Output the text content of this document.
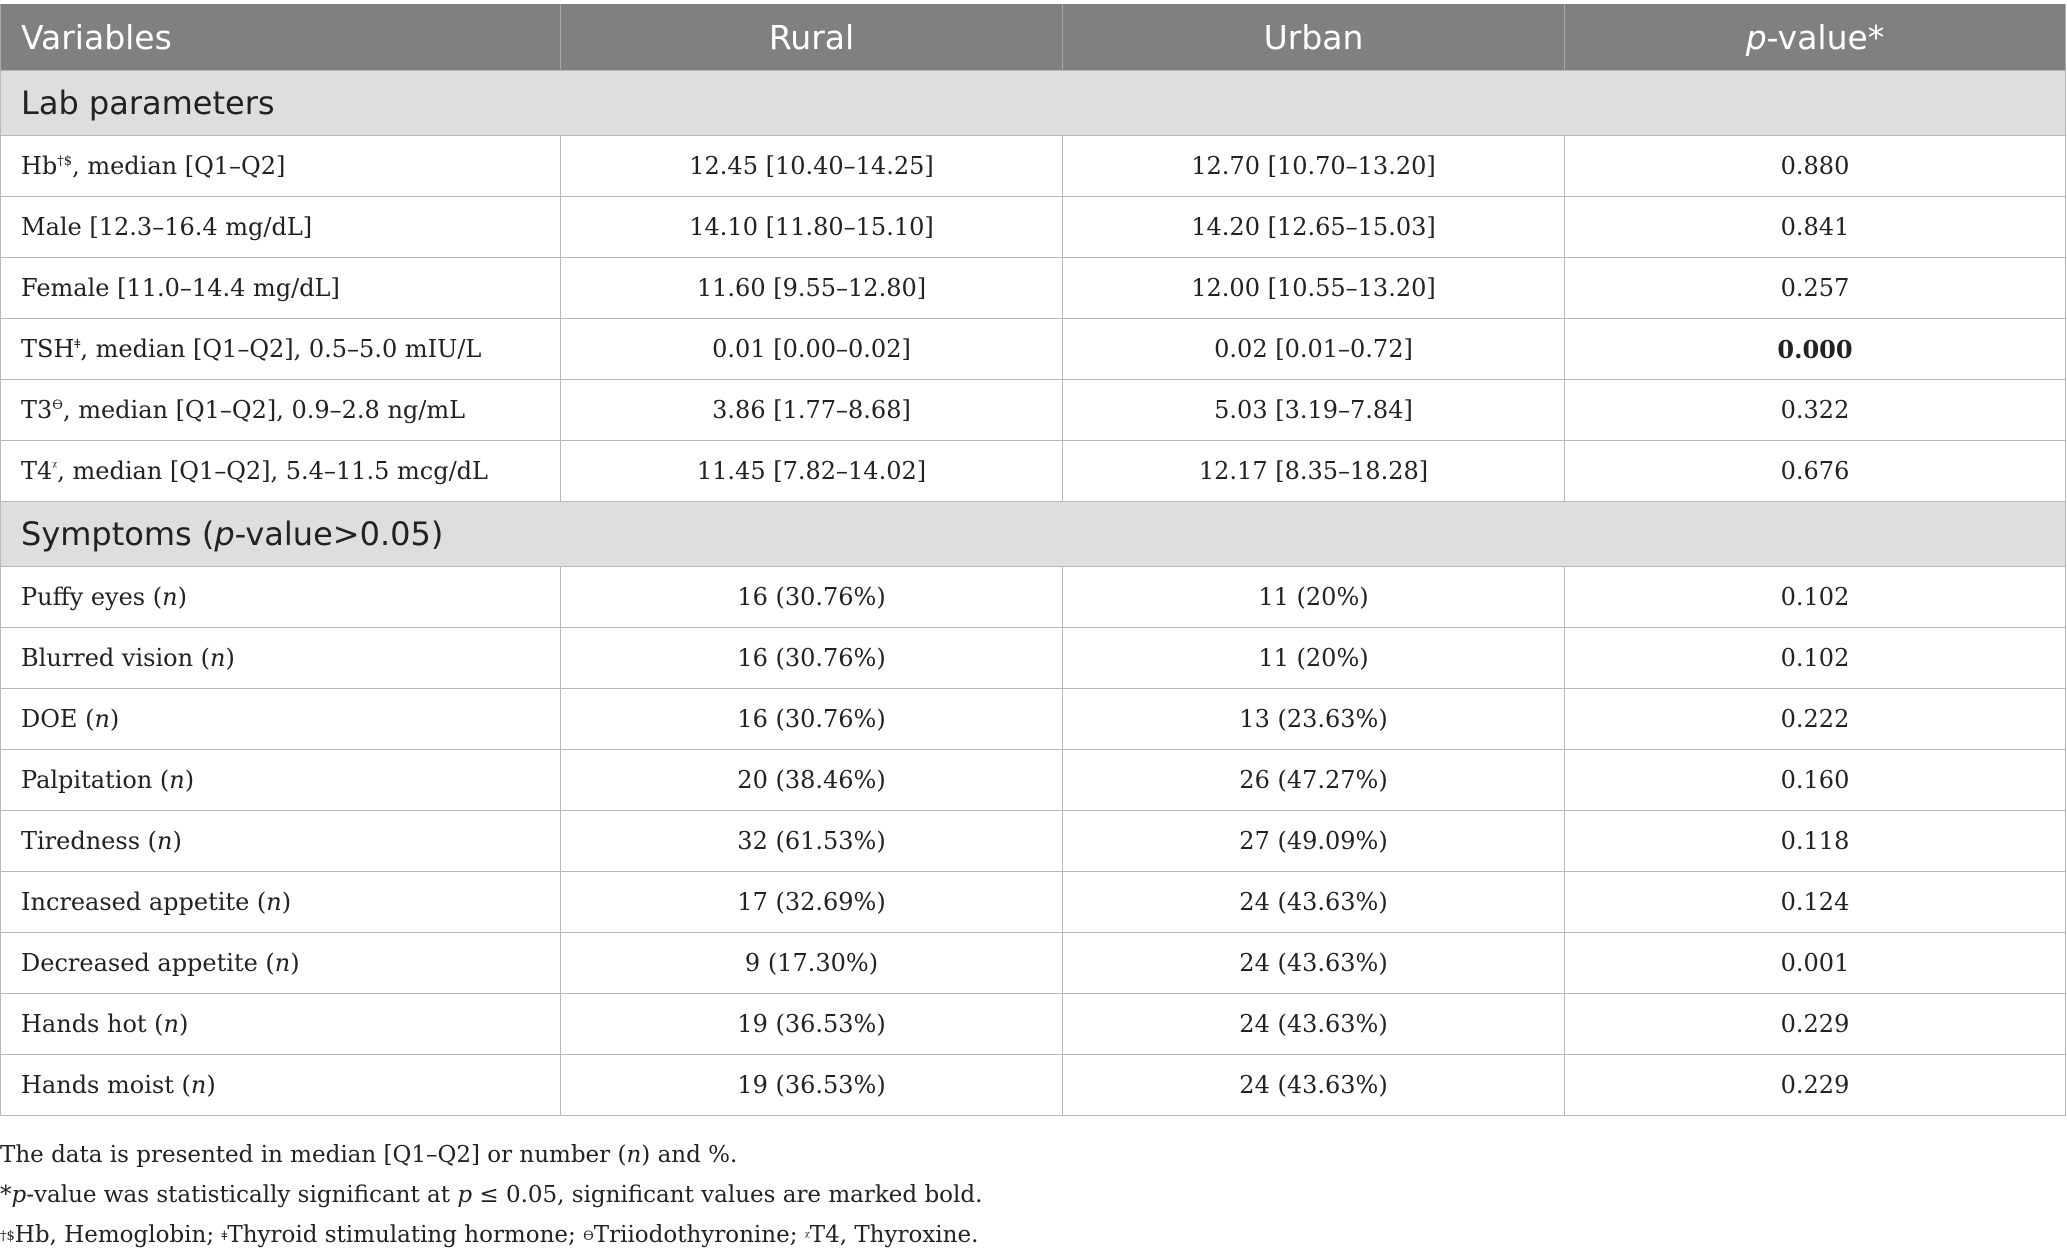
Variables	Rural	Urban	p-value*
Lab parameters			
Hb†$, median [Q1–Q2]	12.45 [10.40–14.25]	12.70 [10.70–13.20]	0.880
Male [12.3–16.4 mg/dL]	14.10 [11.80–15.10]	14.20 [12.65–15.03]	0.841
Female [11.0–14.4 mg/dL]	11.60 [9.55–12.80]	12.00 [10.55–13.20]	0.257
$TSH^ǂ$, median [Q1–Q2], 0.5–5.0 mIU/L	0.01 [0.00–0.02]	0.02 [0.01–0.72]	0.000
$T3^ϴ$, median [Q1–Q2], 0.9–2.8 ng/mL	3.86 [1.77–8.68]	5.03 [3.19–7.84]	0.322
$T4^ᵡ$, median [Q1–Q2], 5.4–11.5 mcg/dL	11.45 [7.82–14.02]	12.17 [8.35–18.28]	0.676
Symptoms (p-value>0.05)			
Puffy eyes (n)	16 (30.76%)	11 (20%)	0.102
Blurred vision (n)	16 (30.76%)	11 (20%)	0.102
DOE (n)	16 (30.76%)	13 (23.63%)	0.222
Palpitation (n)	20 (38.46%)	26 (47.27%)	0.160
Tiredness (n)	32 (61.53%)	27 (49.09%)	0.118
Increased appetite (n)	17 (32.69%)	24 (43.63%)	0.124
Decreased appetite (n)	9 (17.30%)	24 (43.63%)	0.001
Hands hot (n)	19 (36.53%)	24 (43.63%)	0.229
Hands moist (n)	19 (36.53%)	24 (43.63%)	0.229
The data is presented in median [Q1–Q2] or number (n) and %.
*p-value was statistically significant at p ≤ 0.05, significant values are marked bold.
†$Hb, Hemoglobin; $^ǂ$Thyroid stimulating hormone; $^ϴ$Triiodothyronine; $^ᵡ$T4, Thyroxine.
